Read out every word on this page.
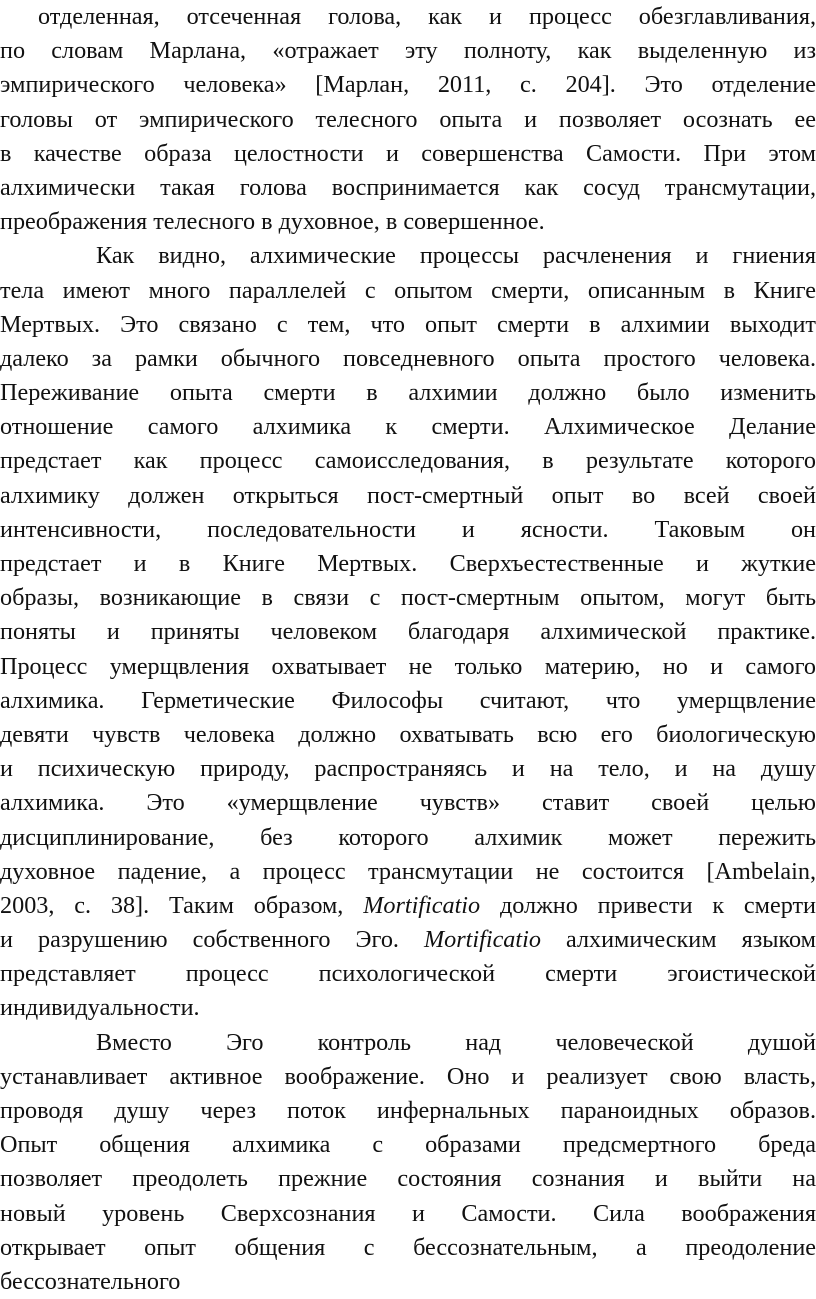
отделенная, отсеченная голова, как и процесс обезглавливания,
по словам Марлана, «отражает эту полноту, как выделенную из
эмпирического человека» [Марлан, 2011, с. 204]. Это отделение
головы от эмпирического телесного опыта и позволяет осознать ее
в качестве образа целостности и совершенства Самости. При этом
алхимически такая голова воспринимается как сосуд трансмутации,
преображения телесного в духовное, в совершенное.
Как видно, алхимические процессы расчленения и гниения
тела имеют много параллелей с опытом смерти, описанным в Книге
Мертвых. Это связано с тем, что опыт смерти в алхимии выходит
далеко за рамки обычного повседневного опыта простого человека.
Переживание опыта смерти в алхимии должно было изменить
отношение самого алхимика к смерти. Алхимическое Делание
предстает как процесс самоисследования, в результате которого
алхимику должен открыться пост-смертный опыт во всей своей
интенсивности, последовательности и ясности. Таковым он
предстает и в Книге Мертвых. Сверхъестественные и жуткие
образы, возникающие в связи с пост-смертным опытом, могут быть
поняты и приняты человеком благодаря алхимической практике.
Процесс умерщвления охватывает не только материю, но и самого
алхимика. Герметические Философы считают, что умерщвление
девяти чувств человека должно охватывать всю его биологическую
и психическую природу, распространяясь и на тело, и на душу
алхимика. Это «умерщвление чувств» ставит своей целью
дисциплинирование, без которого алхимик может пережить
духовное падение, а процесс трансмутации не состоится [Ambelain,
2003, с. 38]. Таким образом, Mortificatio должно привести к смерти
и разрушению собственного Эго. Mortificatio алхимическим языком
представляет процесс психологической смерти эгоистической
индивидуальности.
Вместо Эго контроль над человеческой душой
устанавливает активное воображение. Оно и реализует свою власть,
проводя душу через поток инфернальных параноидных образов.
Опыт общения алхимика с образами предсмертного бреда
позволяет преодолеть прежние состояния сознания и выйти на
новый уровень Сверхсознания и Самости. Сила воображения
открывает опыт общения с бессознательным, а преодоление
бессознательного
